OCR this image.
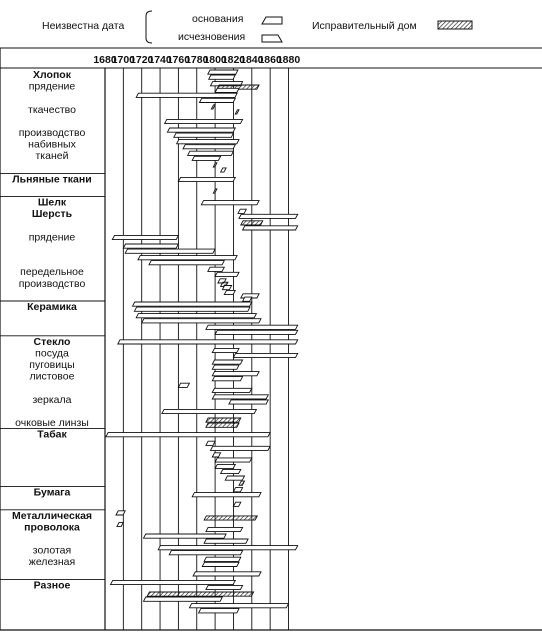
Неизвестна дата
основания
исчезновения
Исправительный дом
1680
1700
1720
1740
1760
1780
1800
1820
1840
1860
1880
Хлопок
прядение
ткачество
производство
набивных
тканей
Льняные ткани
Шелк
Шерсть
прядение
передельное
производство
Керамика
Стекло
посуда
пуговицы
листовое
зеркала
очковые линзы
Табак
Бумага
Металлическая
проволока
золотая
железная
Разное
